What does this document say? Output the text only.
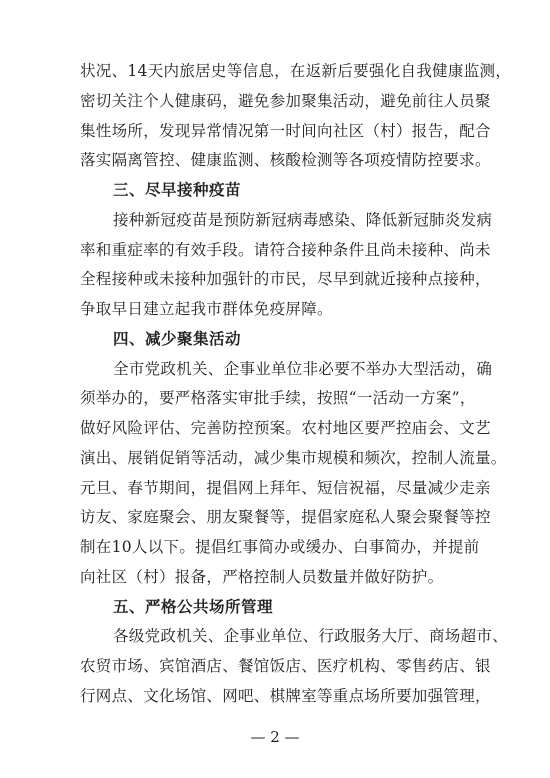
状况、14天内旅居史等信息，在返新后要强化自我健康监测，
密切关注个人健康码，避免参加聚集活动，避免前往人员聚
集性场所，发现异常情况第一时间向社区（村）报告，配合
落实隔离管控、健康监测、核酸检测等各项疫情防控要求。
三、尽早接种疫苗
接种新冠疫苗是预防新冠病毒感染、降低新冠肺炎发病
率和重症率的有效手段。请符合接种条件且尚未接种、尚未
全程接种或未接种加强针的市民，尽早到就近接种点接种，
争取早日建立起我市群体免疫屏障。
四、减少聚集活动
全市党政机关、企事业单位非必要不举办大型活动，确
须举办的，要严格落实审批手续，按照“一活动一方案”，
做好风险评估、完善防控预案。农村地区要严控庙会、文艺
演出、展销促销等活动，减少集市规模和频次，控制人流量。
元旦、春节期间，提倡网上拜年、短信祝福，尽量减少走亲
访友、家庭聚会、朋友聚餐等，提倡家庭私人聚会聚餐等控
制在10人以下。提倡红事简办或缓办、白事简办，并提前
向社区（村）报备，严格控制人员数量并做好防护。
五、严格公共场所管理
各级党政机关、企事业单位、行政服务大厅、商场超市、
农贸市场、宾馆酒店、餐馆饭店、医疗机构、零售药店、银
行网点、文化场馆、网吧、棋牌室等重点场所要加强管理，
— 2 —
